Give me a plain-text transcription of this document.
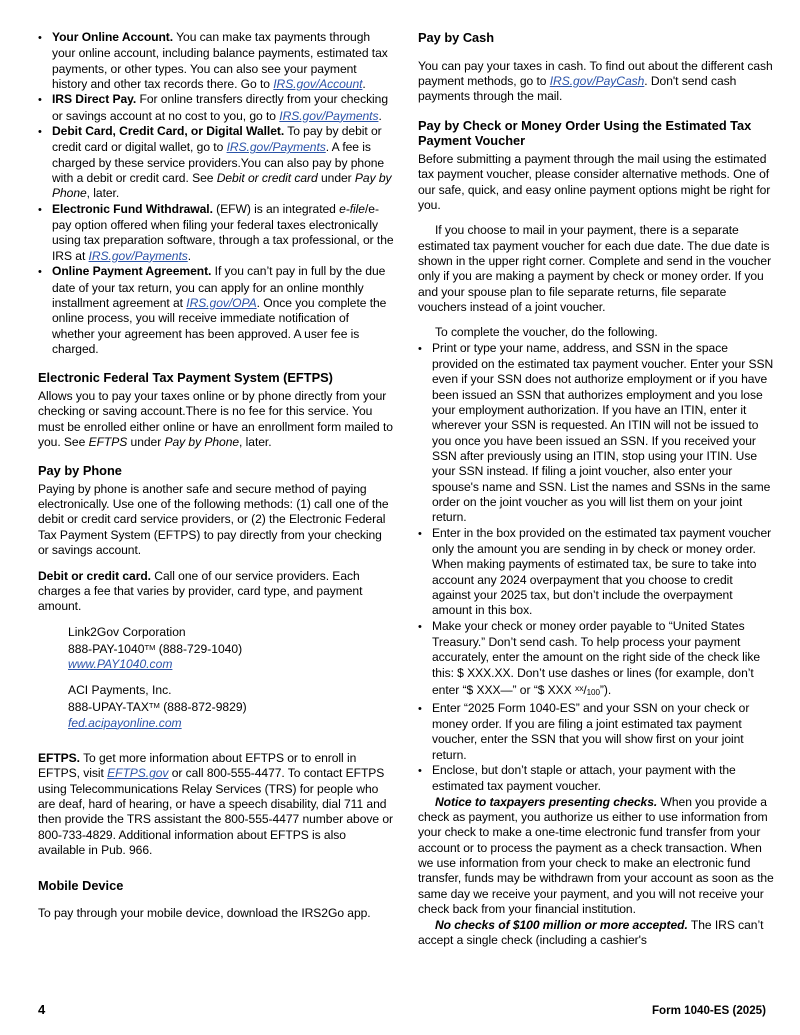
• Your Online Account. You can make tax payments through your online account, including balance payments, estimated tax payments, or other types. You can also see your payment history and other tax records there. Go to IRS.gov/Account.
• IRS Direct Pay. For online transfers directly from your checking or savings account at no cost to you, go to IRS.gov/Payments.
• Debit Card, Credit Card, or Digital Wallet. To pay by debit or credit card or digital wallet, go to IRS.gov/Payments. A fee is charged by these service providers.You can also pay by phone with a debit or credit card. See Debit or credit card under Pay by Phone, later.
• Electronic Fund Withdrawal. (EFW) is an integrated e-file/e-pay option offered when filing your federal taxes electronically using tax preparation software, through a tax professional, or the IRS at IRS.gov/Payments.
• Online Payment Agreement. If you can’t pay in full by the due date of your tax return, you can apply for an online monthly installment agreement at IRS.gov/OPA. Once you complete the online process, you will receive immediate notification of whether your agreement has been approved. A user fee is charged.
Electronic Federal Tax Payment System (EFTPS)
Allows you to pay your taxes online or by phone directly from your checking or saving account.There is no fee for this service. You must be enrolled either online or have an enrollment form mailed to you. See EFTPS under Pay by Phone, later.
Pay by Phone
Paying by phone is another safe and secure method of paying electronically. Use one of the following methods: (1) call one of the debit or credit card service providers, or (2) the Electronic Federal Tax Payment System (EFTPS) to pay directly from your checking or savings account.
Debit or credit card. Call one of our service providers. Each charges a fee that varies by provider, card type, and payment amount.
Link2Gov Corporation
888-PAY-1040™ (888-729-1040)
www.PAY1040.com
ACI Payments, Inc.
888-UPAY-TAX™ (888-872-9829)
fed.acipayonline.com
EFTPS. To get more information about EFTPS or to enroll in EFTPS, visit EFTPS.gov or call 800-555-4477. To contact EFTPS using Telecommunications Relay Services (TRS) for people who are deaf, hard of hearing, or have a speech disability, dial 711 and then provide the TRS assistant the 800-555-4477 number above or 800-733-4829. Additional information about EFTPS is also available in Pub. 966.
Mobile Device
To pay through your mobile device, download the IRS2Go app.
Pay by Cash
You can pay your taxes in cash. To find out about the different cash payment methods, go to IRS.gov/PayCash. Don't send cash payments through the mail.
Pay by Check or Money Order Using the Estimated Tax Payment Voucher
Before submitting a payment through the mail using the estimated tax payment voucher, please consider alternative methods. One of our safe, quick, and easy online payment options might be right for you.
If you choose to mail in your payment, there is a separate estimated tax payment voucher for each due date. The due date is shown in the upper right corner. Complete and send in the voucher only if you are making a payment by check or money order. If you and your spouse plan to file separate returns, file separate vouchers instead of a joint voucher.
To complete the voucher, do the following.
• Print or type your name, address, and SSN in the space provided on the estimated tax payment voucher. Enter your SSN even if your SSN does not authorize employment or if you have been issued an SSN that authorizes employment and you lose your employment authorization. If you have an ITIN, enter it wherever your SSN is requested. An ITIN will not be issued to you once you have been issued an SSN. If you received your SSN after previously using an ITIN, stop using your ITIN. Use your SSN instead. If filing a joint voucher, also enter your spouse's name and SSN. List the names and SSNs in the same order on the joint voucher as you will list them on your joint return.
• Enter in the box provided on the estimated tax payment voucher only the amount you are sending in by check or money order. When making payments of estimated tax, be sure to take into account any 2024 overpayment that you choose to credit against your 2025 tax, but don’t include the overpayment amount in this box.
• Make your check or money order payable to “United States Treasury.” Don’t send cash. To help process your payment accurately, enter the amount on the right side of the check like this: $ XXX.XX. Don’t use dashes or lines (for example, don’t enter “$ XXX—” or “$ XXX $^{xx}/_{100}$”).
• Enter “2025 Form 1040-ES” and your SSN on your check or money order. If you are filing a joint estimated tax payment voucher, enter the SSN that you will show first on your joint return.
• Enclose, but don’t staple or attach, your payment with the estimated tax payment voucher.
Notice to taxpayers presenting checks. When you provide a check as payment, you authorize us either to use information from your check to make a one-time electronic fund transfer from your account or to process the payment as a check transaction. When we use information from your check to make an electronic fund transfer, funds may be withdrawn from your account as soon as the same day we receive your payment, and you will not receive your check back from your financial institution.
No checks of $100 million or more accepted. The IRS can’t accept a single check (including a cashier's
4	Form 1040-ES (2025)
